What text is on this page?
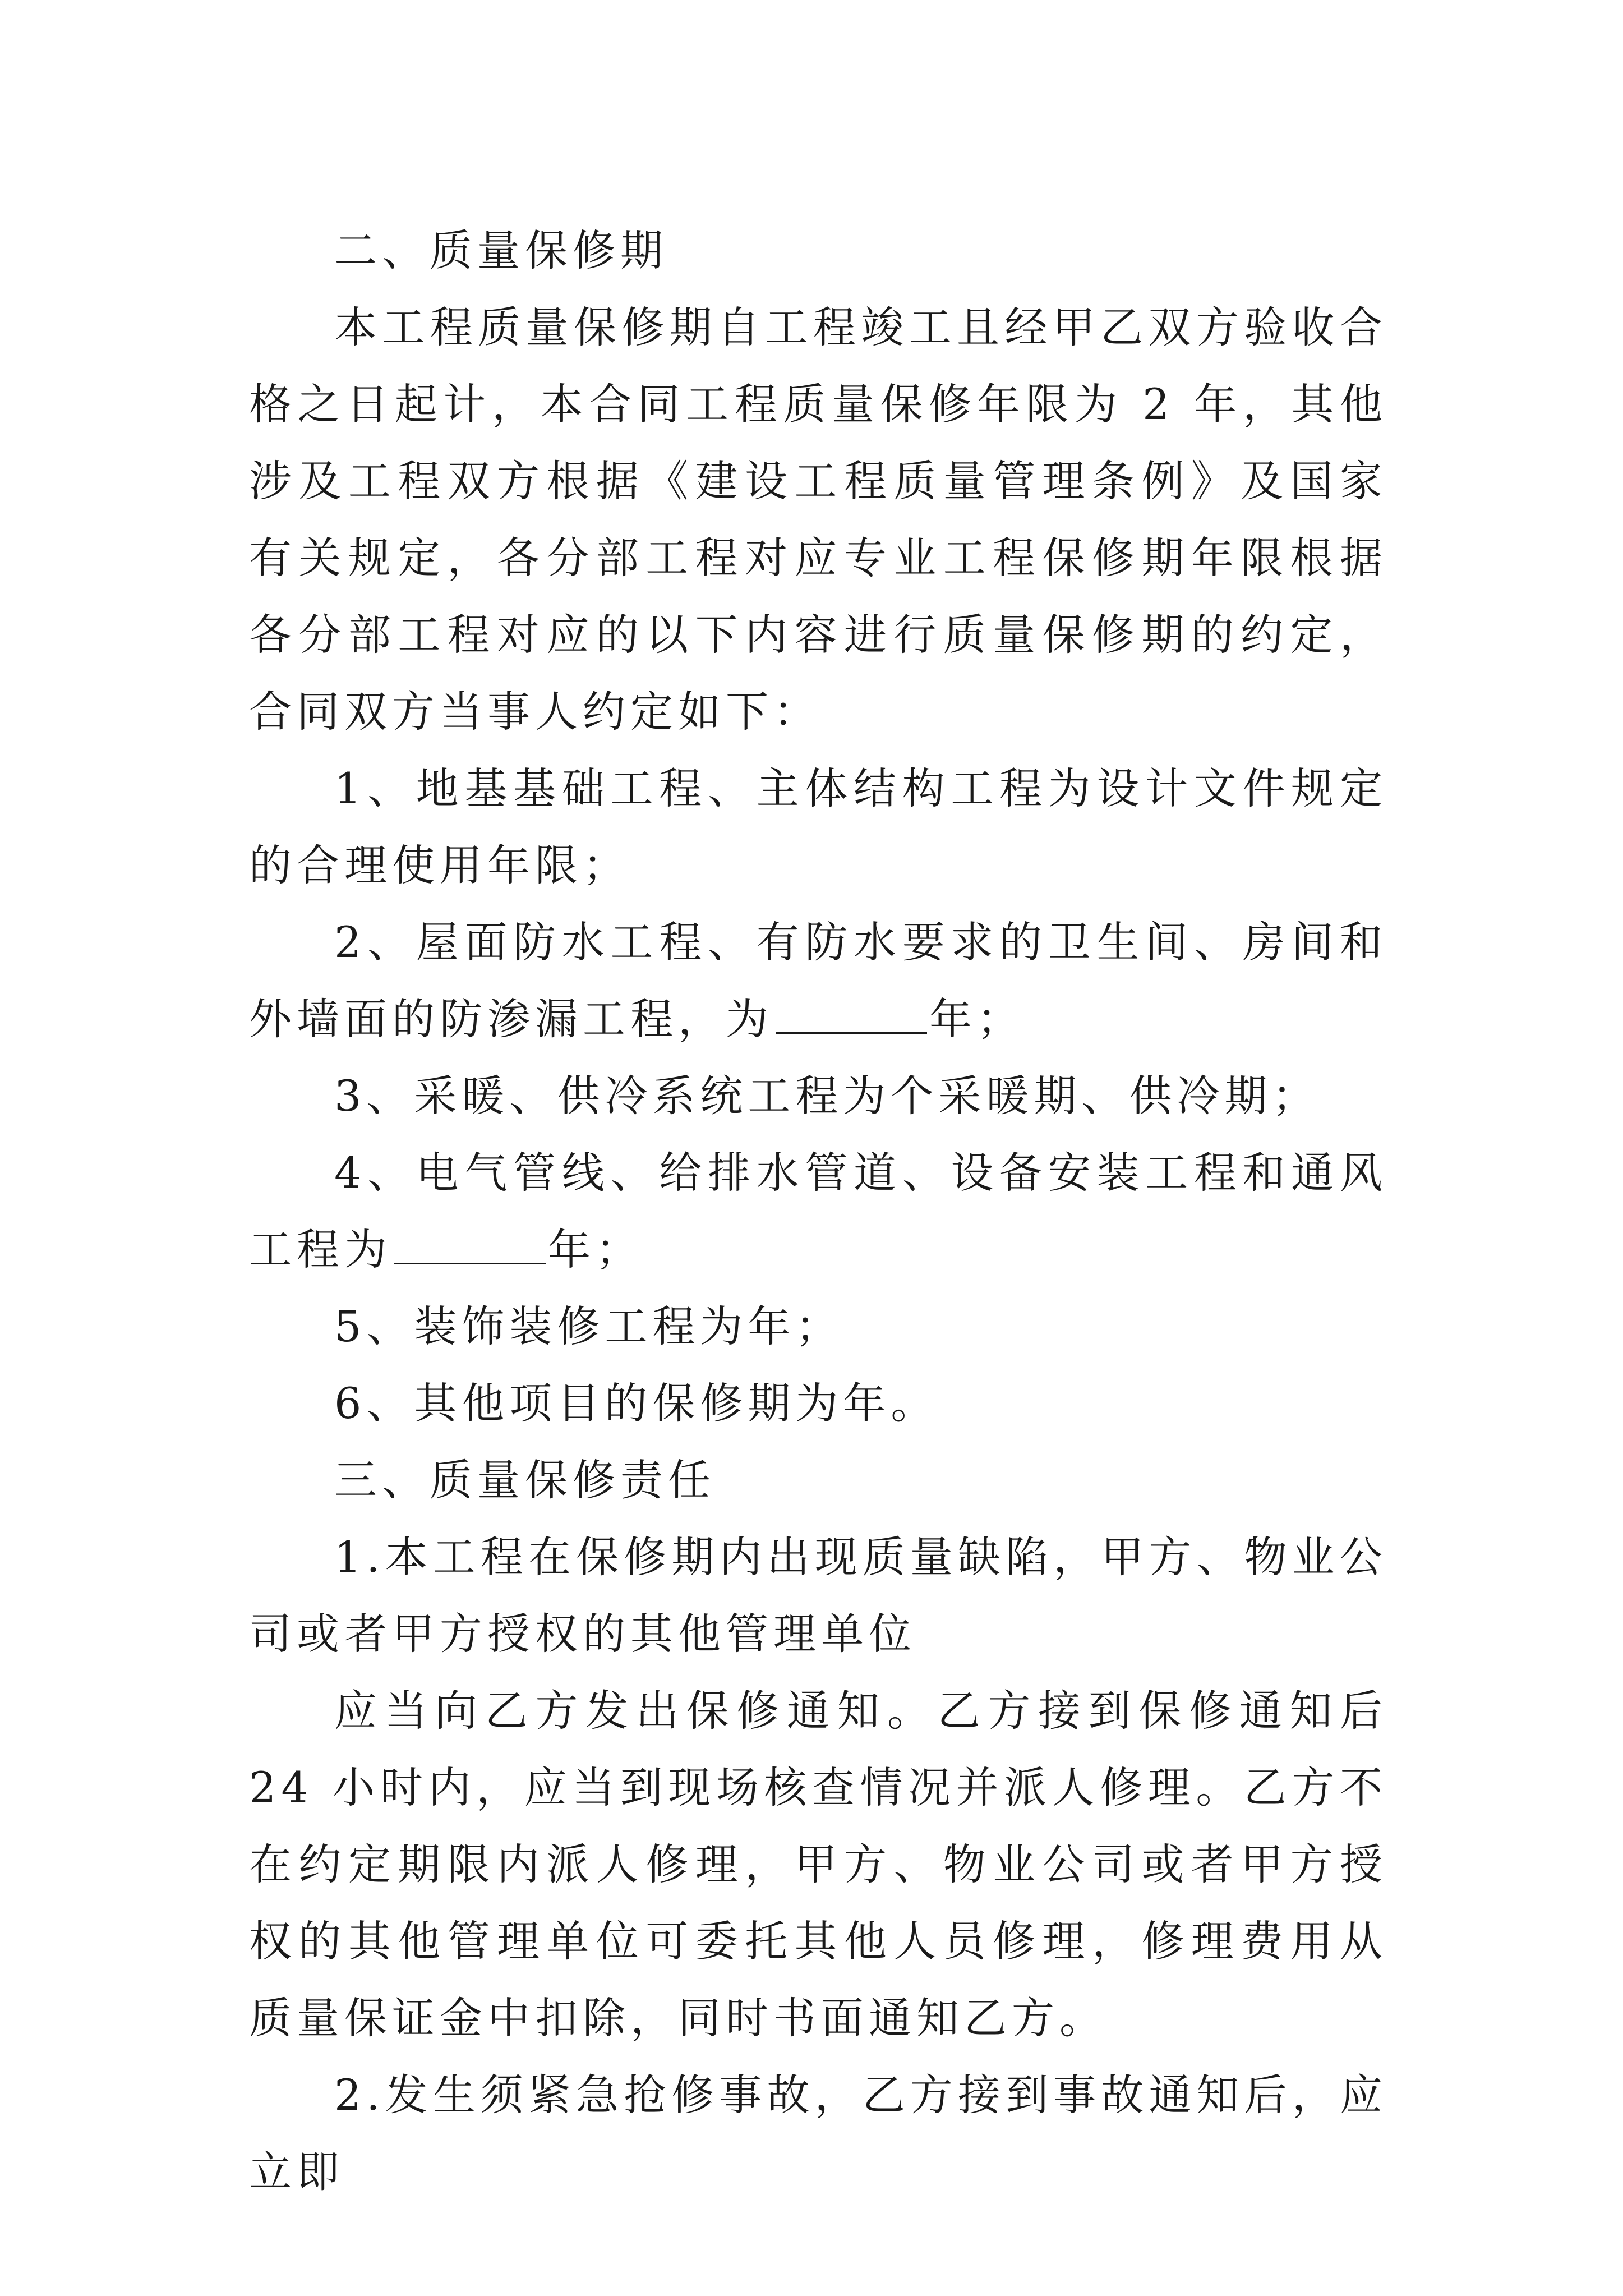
二、质量保修期

本工程质量保修期自工程竣工且经甲乙双方验收合格之日起计，本合同工程质量保修年限为 2 年，其他涉及工程双方根据《建设工程质量管理条例》及国家有关规定，各分部工程对应专业工程保修期年限根据各分部工程对应的以下内容进行质量保修期的约定，合同双方当事人约定如下：

1、地基基础工程、主体结构工程为设计文件规定的合理使用年限；

2、屋面防水工程、有防水要求的卫生间、房间和外墙面的防渗漏工程，为	年；

3、采暖、供冷系统工程为个采暖期、供冷期；

4、电气管线、给排水管道、设备安装工程和通风工程为	年；

5、装饰装修工程为年；

6、其他项目的保修期为年。

三、质量保修责任

1.本工程在保修期内出现质量缺陷，甲方、物业公司或者甲方授权的其他管理单位

应当向乙方发出保修通知。乙方接到保修通知后 24 小时内，应当到现场核查情况并派人修理。乙方不在约定期限内派人修理，甲方、物业公司或者甲方授权的其他管理单位可委托其他人员修理，修理费用从质量保证金中扣除，同时书面通知乙方。

2.发生须紧急抢修事故，乙方接到事故通知后，应立即
